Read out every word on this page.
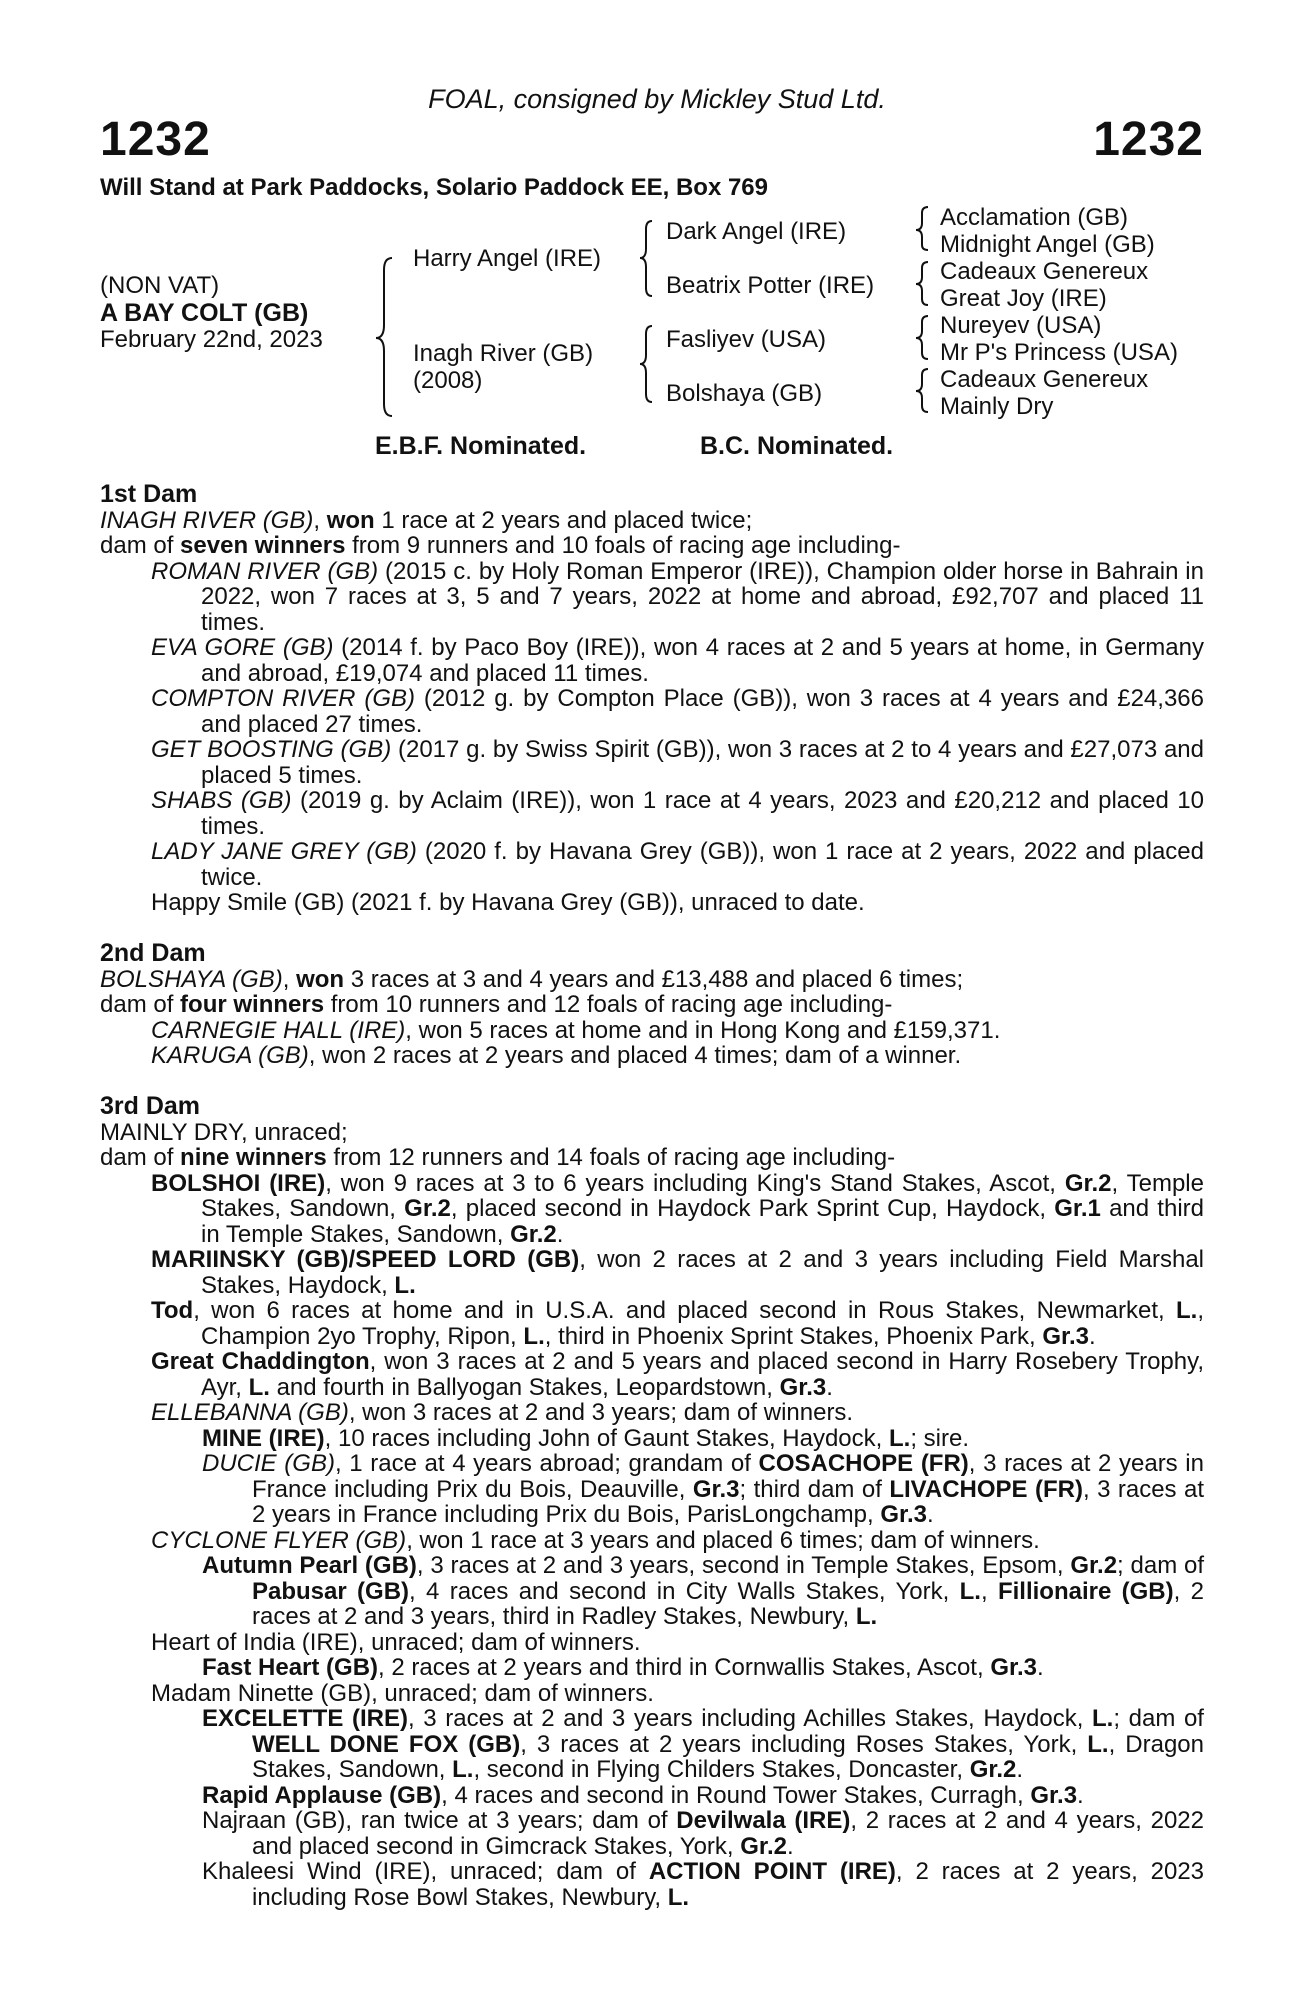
FOAL, consigned by Mickley Stud Ltd.
1232	1232
Will Stand at Park Paddocks, Solario Paddock EE, Box 769
(NON VAT)
A BAY COLT (GB)
February 22nd, 2023
Harry Angel (IRE)
Inagh River (GB)
(2008)
Dark Angel (IRE)
Beatrix Potter (IRE)
Fasliyev (USA)
Bolshaya (GB)
Acclamation (GB)
Midnight Angel (GB)
Cadeaux Genereux
Great Joy (IRE)
Nureyev (USA)
Mr P's Princess (USA)
Cadeaux Genereux
Mainly Dry
E.B.F. Nominated.	B.C. Nominated.

1st Dam

INAGH RIVER (GB), won 1 race at 2 years and placed twice;

dam of seven winners from 9 runners and 10 foals of racing age including-

ROMAN RIVER (GB) (2015 c. by Holy Roman Emperor (IRE)), Champion older horse in Bahrain in 2022, won 7 races at 3, 5 and 7 years, 2022 at home and abroad, £92,707 and placed 11 times.

EVA GORE (GB) (2014 f. by Paco Boy (IRE)), won 4 races at 2 and 5 years at home, in Germany and abroad, £19,074 and placed 11 times.

COMPTON RIVER (GB) (2012 g. by Compton Place (GB)), won 3 races at 4 years and £24,366 and placed 27 times.

GET BOOSTING (GB) (2017 g. by Swiss Spirit (GB)), won 3 races at 2 to 4 years and £27,073 and placed 5 times.

SHABS (GB) (2019 g. by Aclaim (IRE)), won 1 race at 4 years, 2023 and £20,212 and placed 10 times.

LADY JANE GREY (GB) (2020 f. by Havana Grey (GB)), won 1 race at 2 years, 2022 and placed twice.

Happy Smile (GB) (2021 f. by Havana Grey (GB)), unraced to date.

2nd Dam

BOLSHAYA (GB), won 3 races at 3 and 4 years and £13,488 and placed 6 times;

dam of four winners from 10 runners and 12 foals of racing age including-

CARNEGIE HALL (IRE), won 5 races at home and in Hong Kong and £159,371.

KARUGA (GB), won 2 races at 2 years and placed 4 times; dam of a winner.

3rd Dam

MAINLY DRY, unraced;

dam of nine winners from 12 runners and 14 foals of racing age including-

BOLSHOI (IRE), won 9 races at 3 to 6 years including King's Stand Stakes, Ascot, Gr.2, Temple Stakes, Sandown, Gr.2, placed second in Haydock Park Sprint Cup, Haydock, Gr.1 and third in Temple Stakes, Sandown, Gr.2.

MARIINSKY (GB)/SPEED LORD (GB), won 2 races at 2 and 3 years including Field Marshal Stakes, Haydock, L.

Tod, won 6 races at home and in U.S.A. and placed second in Rous Stakes, Newmarket, L., Champion 2yo Trophy, Ripon, L., third in Phoenix Sprint Stakes, Phoenix Park, Gr.3.

Great Chaddington, won 3 races at 2 and 5 years and placed second in Harry Rosebery Trophy, Ayr, L. and fourth in Ballyogan Stakes, Leopardstown, Gr.3.

ELLEBANNA (GB), won 3 races at 2 and 3 years; dam of winners.

MINE (IRE), 10 races including John of Gaunt Stakes, Haydock, L.; sire.

DUCIE (GB), 1 race at 4 years abroad; grandam of COSACHOPE (FR), 3 races at 2 years in France including Prix du Bois, Deauville, Gr.3; third dam of LIVACHOPE (FR), 3 races at 2 years in France including Prix du Bois, ParisLongchamp, Gr.3.

CYCLONE FLYER (GB), won 1 race at 3 years and placed 6 times; dam of winners.

Autumn Pearl (GB), 3 races at 2 and 3 years, second in Temple Stakes, Epsom, Gr.2; dam of Pabusar (GB), 4 races and second in City Walls Stakes, York, L., Fillionaire (GB), 2 races at 2 and 3 years, third in Radley Stakes, Newbury, L.

Heart of India (IRE), unraced; dam of winners.

Fast Heart (GB), 2 races at 2 years and third in Cornwallis Stakes, Ascot, Gr.3.

Madam Ninette (GB), unraced; dam of winners.

EXCELETTE (IRE), 3 races at 2 and 3 years including Achilles Stakes, Haydock, L.; dam of WELL DONE FOX (GB), 3 races at 2 years including Roses Stakes, York, L., Dragon Stakes, Sandown, L., second in Flying Childers Stakes, Doncaster, Gr.2.

Rapid Applause (GB), 4 races and second in Round Tower Stakes, Curragh, Gr.3.

Najraan (GB), ran twice at 3 years; dam of Devilwala (IRE), 2 races at 2 and 4 years, 2022 and placed second in Gimcrack Stakes, York, Gr.2.

Khaleesi Wind (IRE), unraced; dam of ACTION POINT (IRE), 2 races at 2 years, 2023 including Rose Bowl Stakes, Newbury, L.
